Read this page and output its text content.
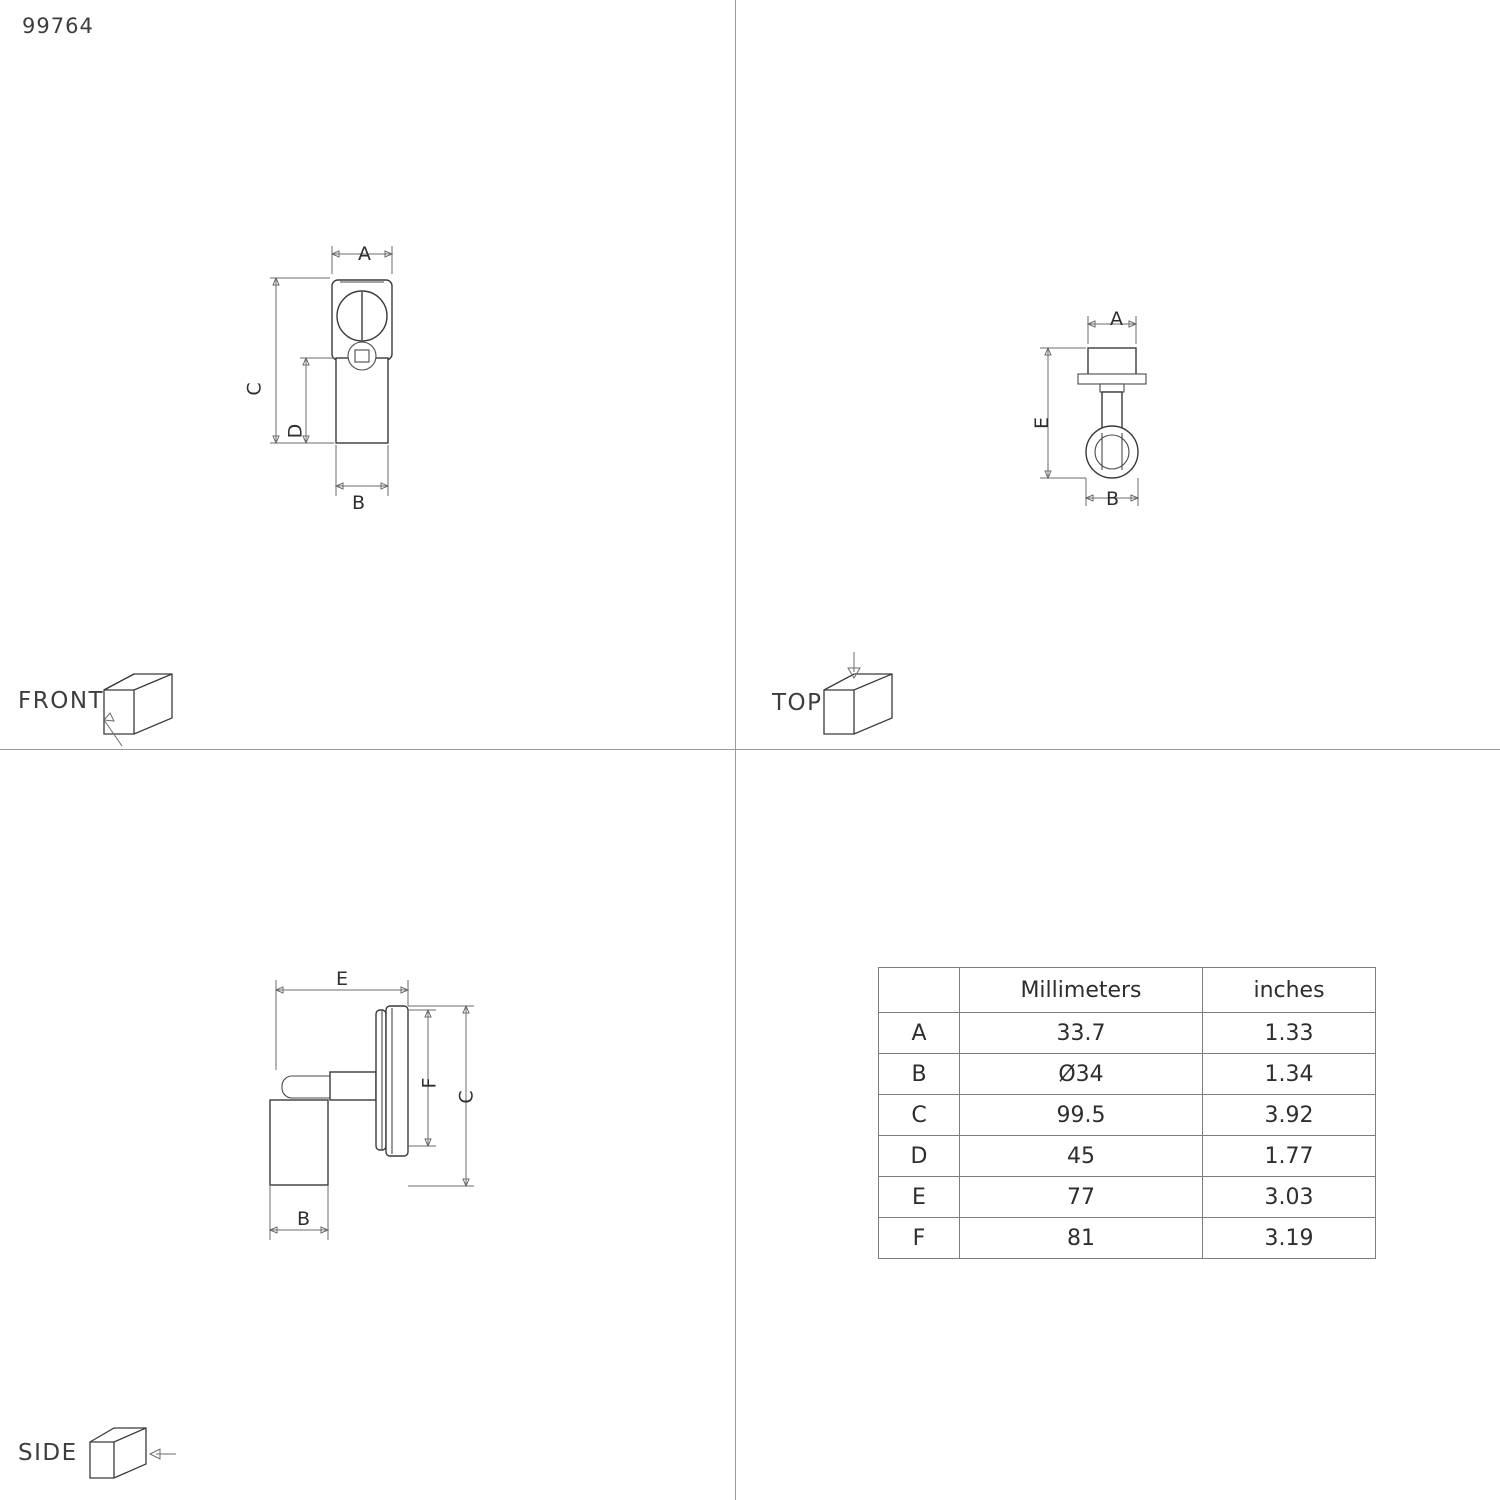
99764
A
B
C
D
FRONT
A
E
B
TOP
E
F
C
B
SIDE
	Millimeters	inches
A	33.7	1.33
B	Ø34	1.34
C	99.5	3.92
D	45	1.77
E	77	3.03
F	81	3.19
